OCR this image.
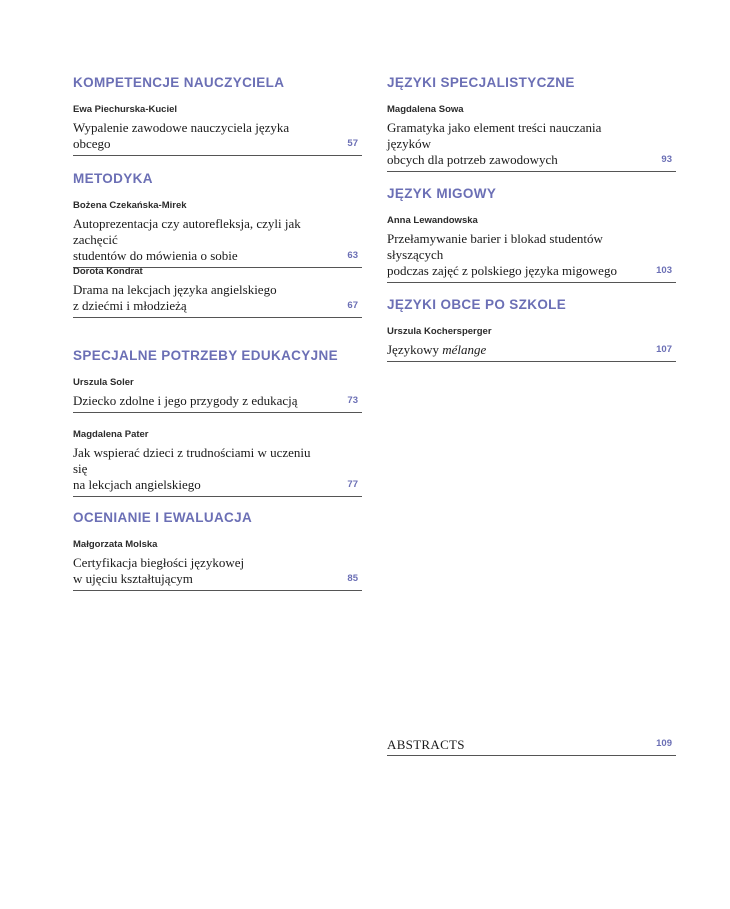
KOMPETENCJE NAUCZYCIELA

Ewa Piechurska-Kuciel

Wypalenie zawodowe nauczyciela języka obcego	57
METODYKA

Bożena Czekańska-Mirek

Autoprezentacja czy autorefleksja, czyli jak zachęcić
studentów do mówienia o sobie	63

Dorota Kondrat

Drama na lekcjach języka angielskiego
z dziećmi i młodzieżą	67
SPECJALNE POTRZEBY EDUKACYJNE

Urszula Soler

Dziecko zdolne i jego przygody z edukacją	73

Magdalena Pater

Jak wspierać dzieci z trudnościami w uczeniu się
na lekcjach angielskiego	77
OCENIANIE I EWALUACJA

Małgorzata Molska

Certyfikacja biegłości językowej
w ujęciu kształtującym	85
JĘZYKI SPECJALISTYCZNE

Magdalena Sowa

Gramatyka jako element treści nauczania języków
obcych dla potrzeb zawodowych	93
JĘZYK MIGOWY

Anna Lewandowska

Przełamywanie barier i blokad studentów słyszących
podczas zajęć z polskiego języka migowego	103
JĘZYKI OBCE PO SZKOLE

Urszula Kochersperger

Językowy mélange	107
ABSTRACTS	109
